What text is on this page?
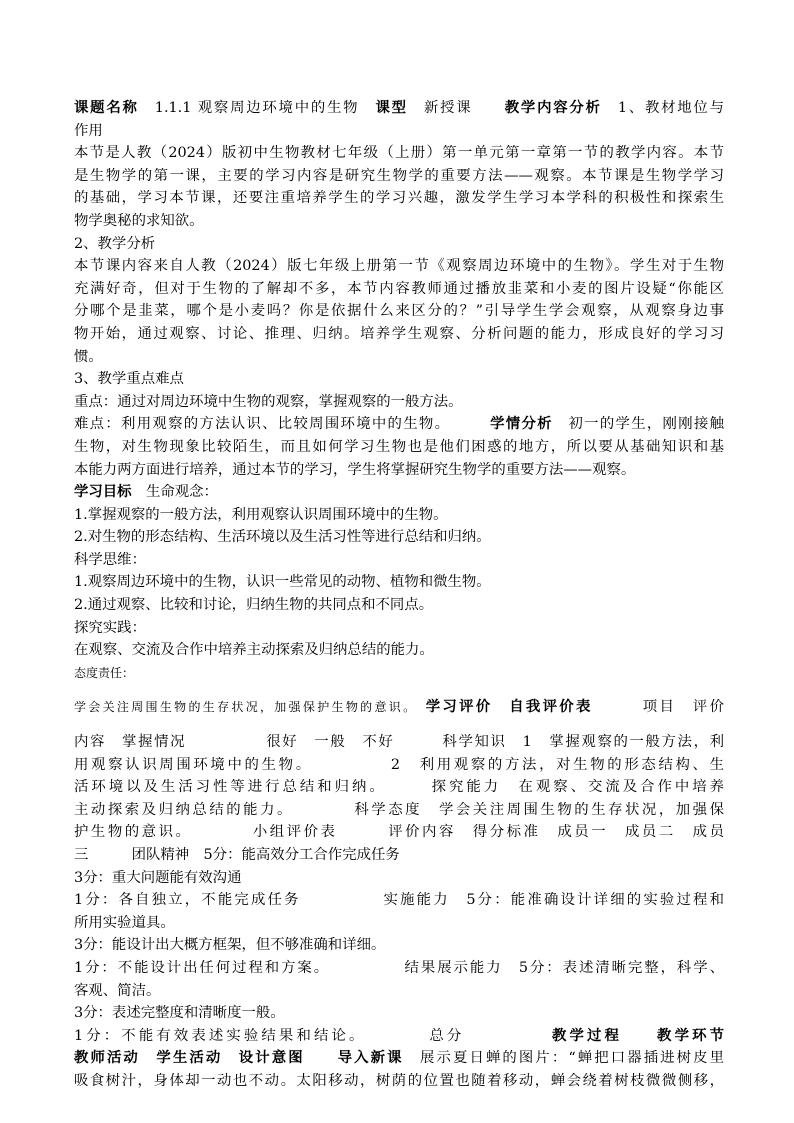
课题名称　1.1.1 观察周边环境中的生物　课型　新授课　　教学内容分析　1、教材地位与
作用
本节是人教（2024）版初中生物教材七年级（上册）第一单元第一章第一节的教学内容。本节
是生物学的第一课，主要的学习内容是研究生物学的重要方法——观察。本节课是生物学学习
的基础，学习本节课，还要注重培养学生的学习兴趣，激发学生学习本学科的积极性和探索生
物学奥秘的求知欲。
2、教学分析
本节课内容来自人教（2024）版七年级上册第一节《观察周边环境中的生物》。学生对于生物
充满好奇，但对于生物的了解却不多，本节内容教师通过播放韭菜和小麦的图片设疑“你能区
分哪个是韭菜，哪个是小麦吗？你是依据什么来区分的？”引导学生学会观察，从观察身边事
物开始，通过观察、讨论、推理、归纳。培养学生观察、分析问题的能力，形成良好的学习习
惯。
3、教学重点难点
重点：通过对周边环境中生物的观察，掌握观察的一般方法。
难点：利用观察的方法认识、比较周围环境中的生物。　　　学情分析　初一的学生，刚刚接触
生物，对生物现象比较陌生，而且如何学习生物也是他们困惑的地方，所以要从基础知识和基
本能力两方面进行培养，通过本节的学习，学生将掌握研究生物学的重要方法——观察。
学习目标　生命观念：
1.掌握观察的一般方法，利用观察认识周围环境中的生物。
2.对生物的形态结构、生活环境以及生活习性等进行总结和归纳。
科学思维：
1.观察周边环境中的生物，认识一些常见的动物、植物和微生物。
2.通过观察、比较和讨论，归纳生物的共同点和不同点。
探究实践：
在观察、交流及合作中培养主动探索及归纳总结的能力。
态度责任：
学会关注周围生物的生存状况，加强保护生物的意识。　学习评价　自我评价表　　　项目　评价
内容　掌握情况　　　　　很好　一般　不好　　　科学知识　1　掌握观察的一般方法，利
用观察认识周围环境中的生物。　　　　　2　利用观察的方法，对生物的形态结构、生
活环境以及生活习性等进行总结和归纳。　　　探究能力　在观察、交流及合作中培养
主动探索及归纳总结的能力。　　　　科学态度　学会关注周围生物的生存状况，加强保
护生物的意识。　　　　小组评价表　　　评价内容　得分标准　成员一　成员二　成员
三　　　团队精神　5分：能高效分工合作完成任务
3分：重大问题能有效沟通
1分：各自独立，不能完成任务　　　　　实施能力　5分：能准确设计详细的实验过程和
所用实验道具。
3分：能设计出大概方框架，但不够准确和详细。
1分：不能设计出任何过程和方案。　　　　　结果展示能力　5分：表述清晰完整，科学、
客观、简洁。
3分：表述完整度和清晰度一般。
1分：不能有效表述实验结果和结论。　　　　总分　　　　　教学过程　　教学环节
教师活动　学生活动　设计意图　　导入新课　展示夏日蝉的图片：“蝉把口器插进树皮里
吸食树汁，身体却一动也不动。太阳移动，树荫的位置也随着移动，蝉会绕着树枝微微侧移，
